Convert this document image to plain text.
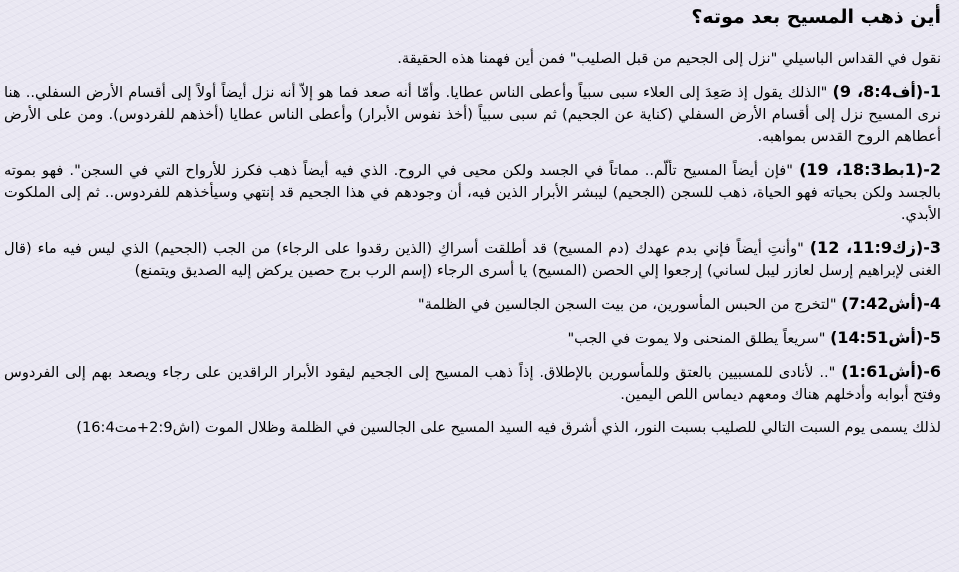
أين ذهب المسيح بعد موته؟

نقول في القداس الباسيلي "نزل إلى الجحيم من قبل الصليب" فمن أين فهمنا هذه الحقيقة.

1-(أف8:4، 9) "الذلك يقول إذ صَعِدَ إلى العلاء سبى سبياً وأعطى الناس عطايا. وأمّا أنه صعد فما هو إلاّ أنه نزل أيضاً أولاً إلى أقسام الأرض السفلي.. هنا نرى المسيح نزل إلى أقسام الأرض السفلي (كناية عن الجحيم) ثم سبى سبياً (أخذ نفوس الأبرار) وأعطى الناس عطايا (أخذهم للفردوس). ومن على الأرض أعطاهم الروح القدس بمواهبه.

2-(1بط18:3، 19) "فإن أيضاً المسيح تألّم.. مماتاً في الجسد ولكن محيى في الروح. الذي فيه أيضاً ذهب فكرز للأرواح التي في السجن". فهو بموته بالجسد ولكن بحياته فهو الحياة، ذهب للسجن (الجحيم) ليبشر الأبرار الذين فيه، أن وجودهم في هذا الجحيم قد إنتهي وسيأخذهم للفردوس.. ثم إلى الملكوت الأبدي.

3-(زك11:9، 12) "وأنتِ أيضاً فإني بدم عهدك (دم المسيح) قد أطلقت أسراكِ (الذين رقدوا على الرجاء) من الجب (الجحيم) الذي ليس فيه ماء (قال الغنى لإبراهيم إرسل لعازر ليبل لساني) إرجعوا إلي الحصن (المسيح) يا أسرى الرجاء (إسم الرب برج حصين يركض إليه الصديق ويتمنع)

4-(أش7:42) "لتخرج من الحبس المأسورين، من بيت السجن الجالسين في الظلمة"

5-(أش14:51) "سريعاً يطلق المنحنى ولا يموت في الجب"

6-(أش1:61) ".. لأنادى للمسبيين بالعتق وللمأسورين بالإطلاق. إذاً ذهب المسيح إلى الجحيم ليقود الأبرار الراقدين على رجاء ويصعد بهم إلى الفردوس وفتح أبوابه وأدخلهم هناك ومعهم ديماس اللص اليمين.

لذلك يسمى يوم السبت التالي للصليب بسبت النور، الذي أشرق فيه السيد المسيح على الجالسين في الظلمة وظلال الموت (اش2:9+مت16:4)
